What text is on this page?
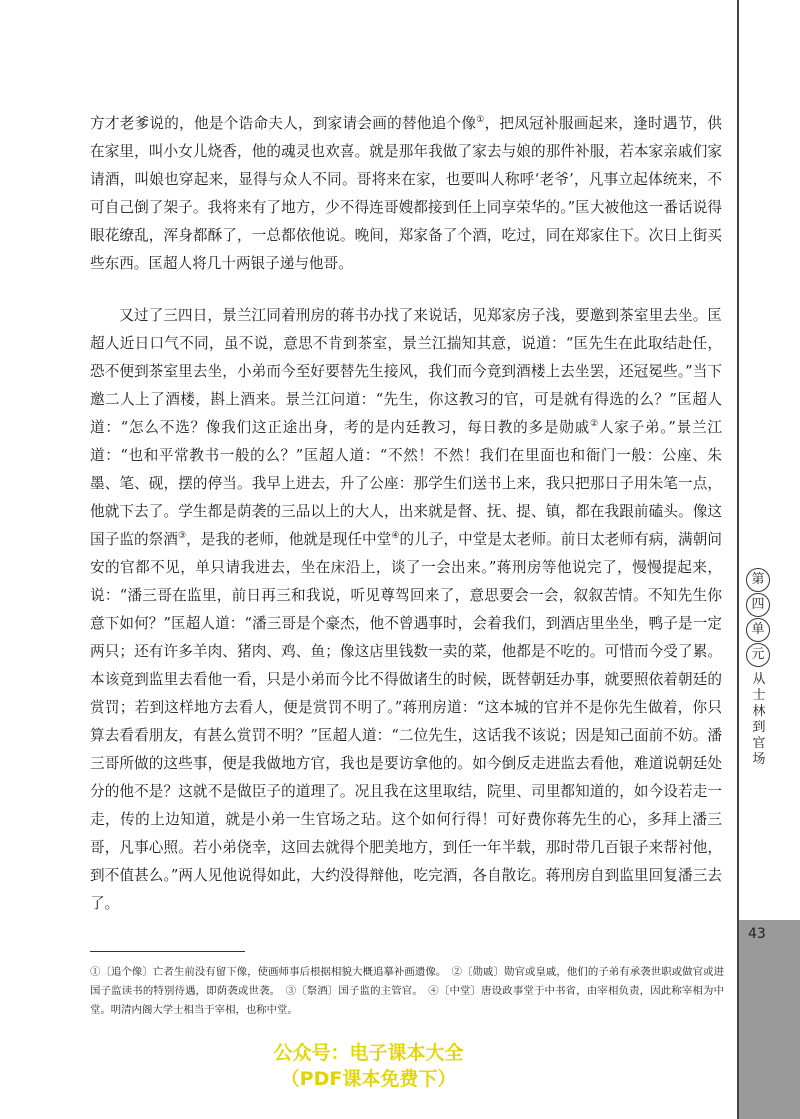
第
四
单
元
从士林到官场
43

方才老爹说的，他是个诰命夫人，到家请会画的替他追个像①，把凤冠补服画起来，逢时遇节，供在家里，叫小女儿烧香，他的魂灵也欢喜。就是那年我做了家去与娘的那件补服，若本家亲戚们家请酒，叫娘也穿起来，显得与众人不同。哥将来在家，也要叫人称呼‘老爷’，凡事立起体统来，不可自己倒了架子。我将来有了地方，少不得连哥嫂都接到任上同享荣华的。”匡大被他这一番话说得眼花缭乱，浑身都酥了，一总都依他说。晚间，郑家备了个酒，吃过，同在郑家住下。次日上街买些东西。匡超人将几十两银子递与他哥。

又过了三四日，景兰江同着刑房的蒋书办找了来说话，见郑家房子浅，要邀到茶室里去坐。匡超人近日口气不同，虽不说，意思不肯到茶室，景兰江揣知其意，说道：“匡先生在此取结赴任，恐不便到茶室里去坐，小弟而今至好要替先生接风，我们而今竟到酒楼上去坐罢，还冠冕些。”当下邀二人上了酒楼，斟上酒来。景兰江问道：“先生，你这教习的官，可是就有得选的么？”匡超人道：“怎么不选？像我们这正途出身，考的是内廷教习，每日教的多是勋戚②人家子弟。”景兰江道：“也和平常教书一般的么？”匡超人道：“不然！不然！我们在里面也和衙门一般：公座、朱墨、笔、砚，摆的停当。我早上进去，升了公座：那学生们送书上来，我只把那日子用朱笔一点，他就下去了。学生都是荫袭的三品以上的大人，出来就是督、抚、提、镇，都在我跟前磕头。像这国子监的祭酒③，是我的老师，他就是现任中堂④的儿子，中堂是太老师。前日太老师有病，满朝问安的官都不见，单只请我进去，坐在床沿上，谈了一会出来。”蒋刑房等他说完了，慢慢提起来，说：“潘三哥在监里，前日再三和我说，听见尊驾回来了，意思要会一会，叙叙苦情。不知先生你意下如何？”匡超人道：“潘三哥是个豪杰，他不曾遇事时，会着我们，到酒店里坐坐，鸭子是一定两只；还有许多羊肉、猪肉、鸡、鱼；像这店里钱数一卖的菜，他都是不吃的。可惜而今受了累。本该竟到监里去看他一看，只是小弟而今比不得做诸生的时候，既替朝廷办事，就要照依着朝廷的赏罚；若到这样地方去看人，便是赏罚不明了。”蒋刑房道：“这本城的官并不是你先生做着，你只算去看看朋友，有甚么赏罚不明？”匡超人道：“二位先生，这话我不该说；因是知己面前不妨。潘三哥所做的这些事，便是我做地方官，我也是要访拿他的。如今倒反走进监去看他，难道说朝廷处分的他不是？这就不是做臣子的道理了。况且我在这里取结，院里、司里都知道的，如今设若走一走，传的上边知道，就是小弟一生官场之玷。这个如何行得！可好费你蒋先生的心，多拜上潘三哥，凡事心照。若小弟侥幸，这回去就得个肥美地方，到任一年半载，那时带几百银子来帮衬他，到不值甚么。”两人见他说得如此，大约没得辩他，吃完酒，各自散讫。蒋刑房自到监里回复潘三去了。

①〔追个像〕亡者生前没有留下像，使画师事后根据相貌大概追摹补画遗像。　②〔勋戚〕勋官或皇戚，他们的子弟有承袭世职或做官或进国子监读书的特别待遇，即荫袭或世袭。　③〔祭酒〕国子监的主管官。　④〔中堂〕唐设政事堂于中书省，由宰相负责，因此称宰相为中堂。明清内阁大学士相当于宰相，也称中堂。
公众号：电子课本大全
（PDF课本免费下）
